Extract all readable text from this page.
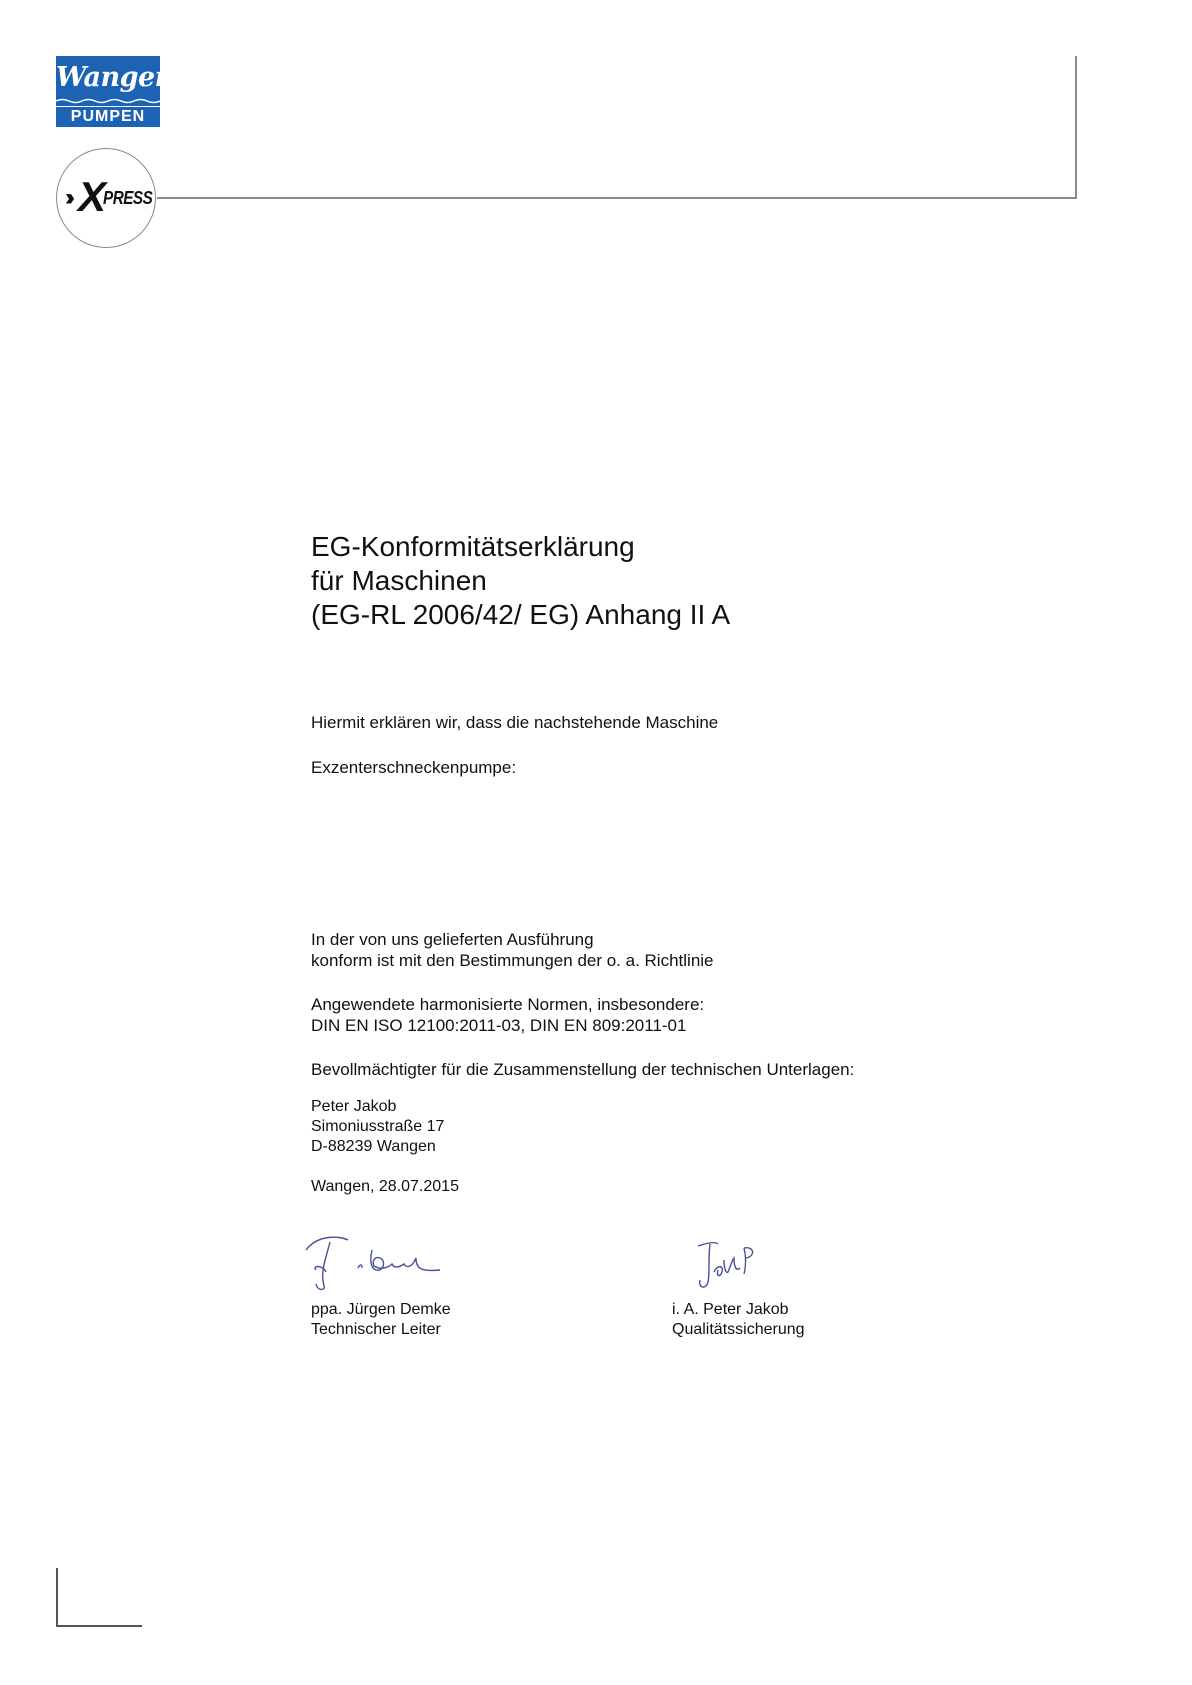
Wangen
PUMPEN
›› X
PRESS
EG-Konformitätserklärung
für Maschinen
(EG-RL 2006/42/ EG) Anhang II A
Hiermit erklären wir, dass die nachstehende Maschine
Exzenterschneckenpumpe:
In der von uns gelieferten Ausführung
konform ist mit den Bestimmungen der o. a. Richtlinie
Angewendete harmonisierte Normen, insbesondere:
DIN EN ISO 12100:2011-03, DIN EN 809:2011-01
Bevollmächtigter für die Zusammenstellung der technischen Unterlagen:
Peter Jakob
Simoniusstraße 17
D-88239 Wangen
Wangen, 28.07.2015
ppa. Jürgen Demke
Technischer Leiter
i. A. Peter Jakob
Qualitätssicherung
